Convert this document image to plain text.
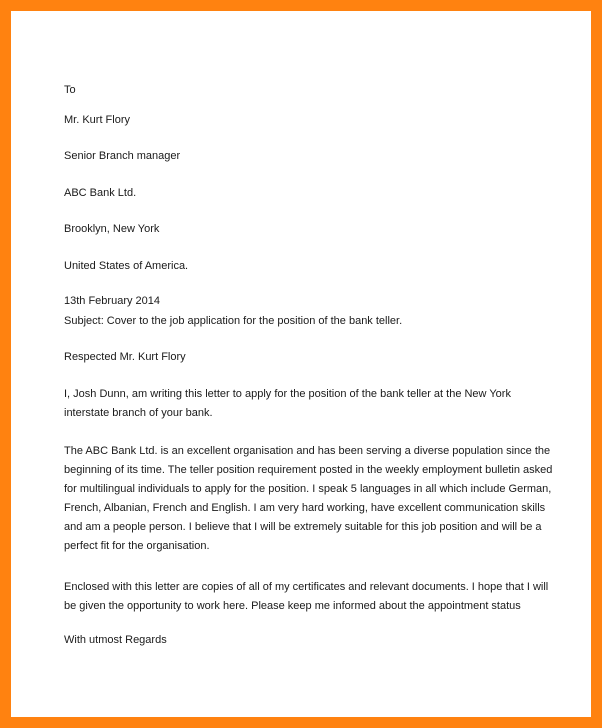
To
Mr. Kurt Flory
Senior Branch manager
ABC Bank Ltd.
Brooklyn, New York
United States of America.
13th February 2014
Subject: Cover to the job application for the position of the bank teller.
Respected Mr. Kurt Flory
I, Josh Dunn, am writing this letter to apply for the position of the bank teller at the New York interstate branch of your bank.
The ABC Bank Ltd. is an excellent organisation and has been serving a diverse population since the beginning of its time. The teller position requirement posted in the weekly employment bulletin asked for multilingual individuals to apply for the position. I speak 5 languages in all which include German, French, Albanian, French and English. I am very hard working, have excellent communication skills and am a people person. I believe that I will be extremely suitable for this job position and will be a perfect fit for the organisation.
Enclosed with this letter are copies of all of my certificates and relevant documents. I hope that I will be given the opportunity to work here. Please keep me informed about the appointment status
With utmost Regards
